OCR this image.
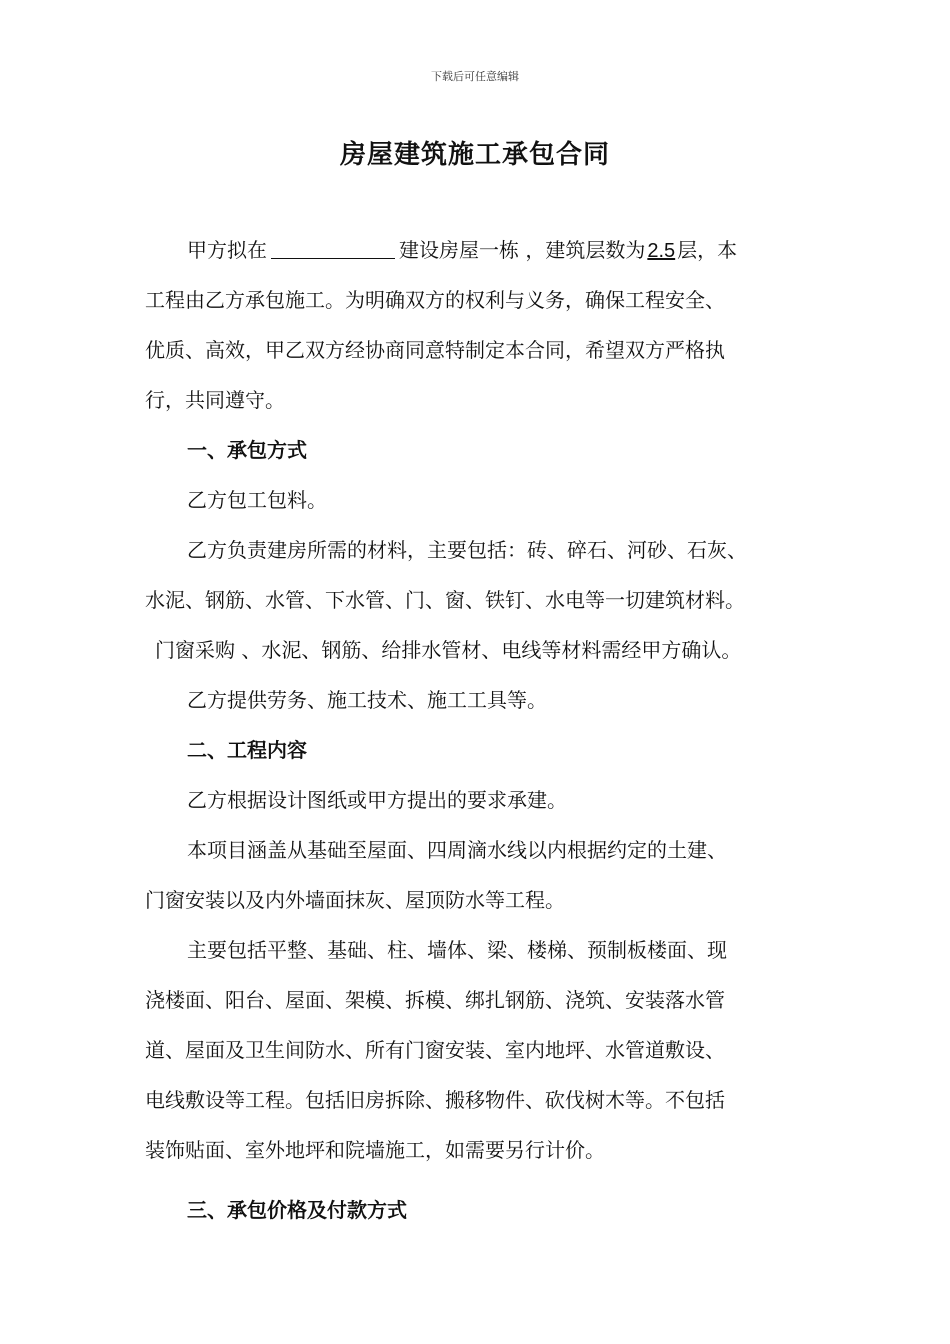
下载后可任意编辑
房屋建筑施工承包合同
甲方拟在	建设房屋一栋 ，建筑层数为 2.5 层，本
工程由乙方承包施工。为明确双方的权利与义务，确保工程安全、
优质、高效，甲乙双方经协商同意特制定本合同，希望双方严格执
行，共同遵守。
一、承包方式
乙方包工包料。
乙方负责建房所需的材料，主要包括：砖、碎石、河砂、石灰、
水泥、钢筋、水管、下水管、门、窗、铁钉、水电等一切建筑材料。
门窗采购 、水泥、钢筋、给排水管材、电线等材料需经甲方确认。
乙方提供劳务、施工技术、施工工具等。
二、工程内容
乙方根据设计图纸或甲方提出的要求承建。
本项目涵盖从基础至屋面、四周滴水线以内根据约定的土建、
门窗安装以及内外墙面抹灰、屋顶防水等工程。
主要包括平整、基础、柱、墙体、梁、楼梯、预制板楼面、现
浇楼面、阳台、屋面、架模、拆模、绑扎钢筋、浇筑、安装落水管
道、屋面及卫生间防水、所有门窗安装、室内地坪、水管道敷设、
电线敷设等工程。包括旧房拆除、搬移物件、砍伐树木等。不包括
装饰贴面、室外地坪和院墙施工，如需要另行计价。
三、承包价格及付款方式
